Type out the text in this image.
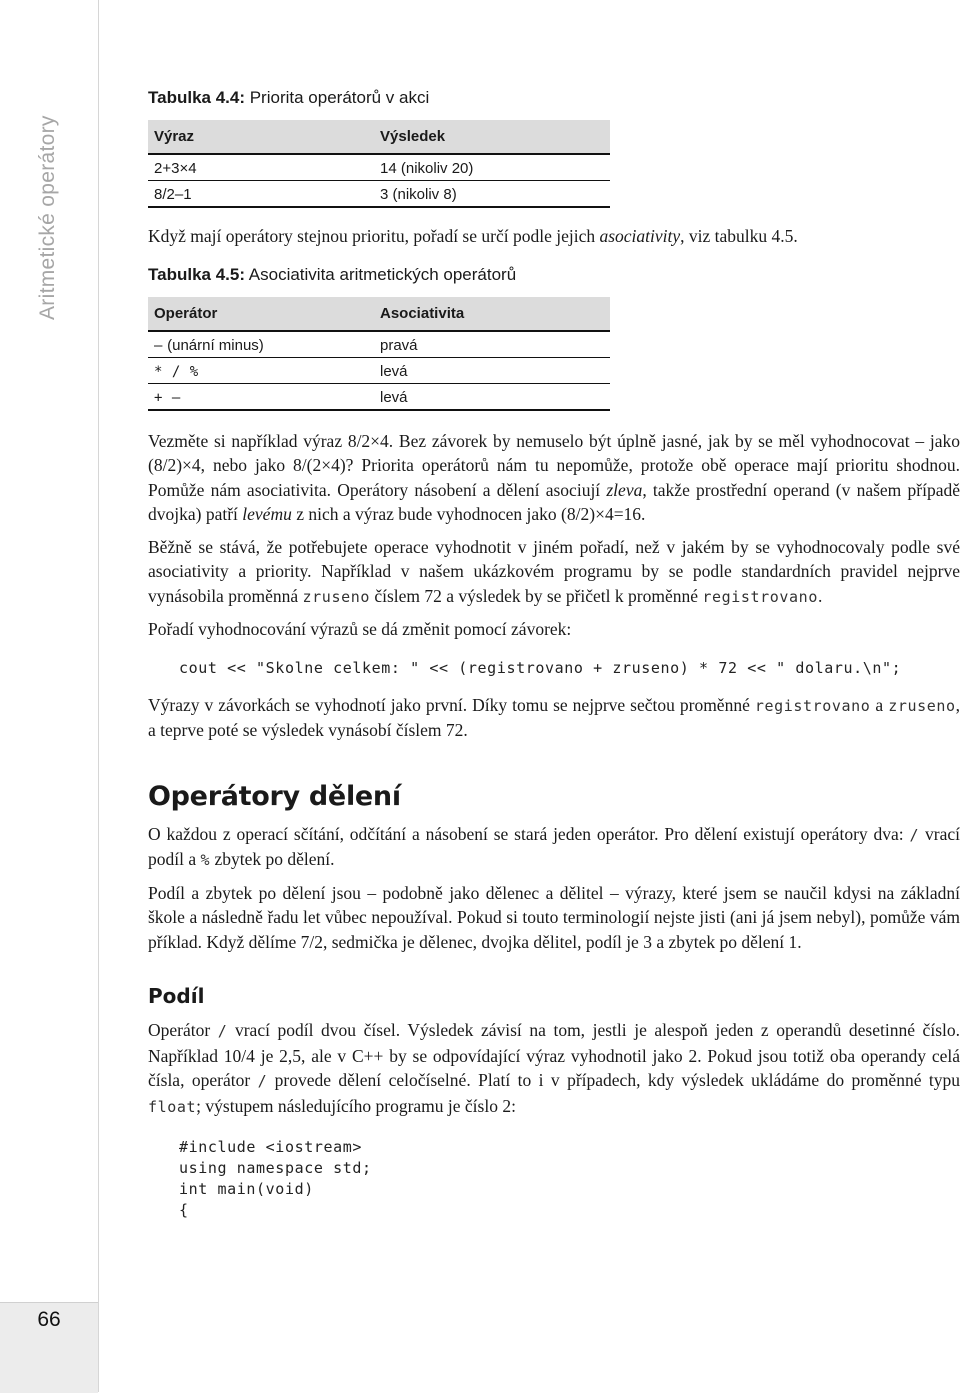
Aritmetické operátory
66

Tabulka 4.4: Priorita operátorů v akci

Výraz	Výsledek
2+3×4	14 (nikoliv 20)
8/2–1	3 (nikoliv 8)

Když mají operátory stejnou prioritu, pořadí se určí podle jejich asociativity, viz tabulku 4.5.

Tabulka 4.5: Asociativita aritmetických operátorů

Operátor	Asociativita
– (unární minus)	pravá
* / %	levá
+ –	levá

Vezměte si například výraz 8/2×4. Bez závorek by nemuselo být úplně jasné, jak by se měl vyhodnocovat – jako (8/2)×4, nebo jako 8/(2×4)? Priorita operátorů nám tu nepomůže, protože obě operace mají prioritu shodnou. Pomůže nám asociativita. Operátory násobení a dělení asociují zleva, takže prostřední operand (v našem případě dvojka) patří levému z nich a výraz bude vyhodnocen jako (8/2)×4=16.

Běžně se stává, že potřebujete operace vyhodnotit v jiném pořadí, než v jakém by se vyhodnocovaly podle své asociativity a priority. Například v našem ukázkovém programu by se podle standardních pravidel nejprve vynásobila proměnná zruseno číslem 72 a výsledek by se přičetl k proměnné registrovano.

Pořadí vyhodnocování výrazů se dá změnit pomocí závorek:

cout << "Skolne celkem: " << (registrovano + zruseno) * 72 << " dolaru.\n";

Výrazy v závorkách se vyhodnotí jako první. Díky tomu se nejprve sečtou proměnné registrovano a zruseno, a teprve poté se výsledek vynásobí číslem 72.

Operátory dělení

O každou z operací sčítání, odčítání a násobení se stará jeden operátor. Pro dělení existují operátory dva: / vrací podíl a % zbytek po dělení.

Podíl a zbytek po dělení jsou – podobně jako dělenec a dělitel – výrazy, které jsem se naučil kdysi na základní škole a následně řadu let vůbec nepoužíval. Pokud si touto terminologií nejste jisti (ani já jsem nebyl), pomůže vám příklad. Když dělíme 7/2, sedmička je dělenec, dvojka dělitel, podíl je 3 a zbytek po dělení 1.

Podíl

Operátor / vrací podíl dvou čísel. Výsledek závisí na tom, jestli je alespoň jeden z operandů desetinné číslo. Například 10/4 je 2,5, ale v C++ by se odpovídající výraz vyhodnotil jako 2. Pokud jsou totiž oba operandy celá čísla, operátor / provede dělení celočíselné. Platí to i v případech, kdy výsledek ukládáme do proměnné typu float; výstupem následujícího programu je číslo 2:

#include <iostream>
using namespace std;
int main(void)
{
